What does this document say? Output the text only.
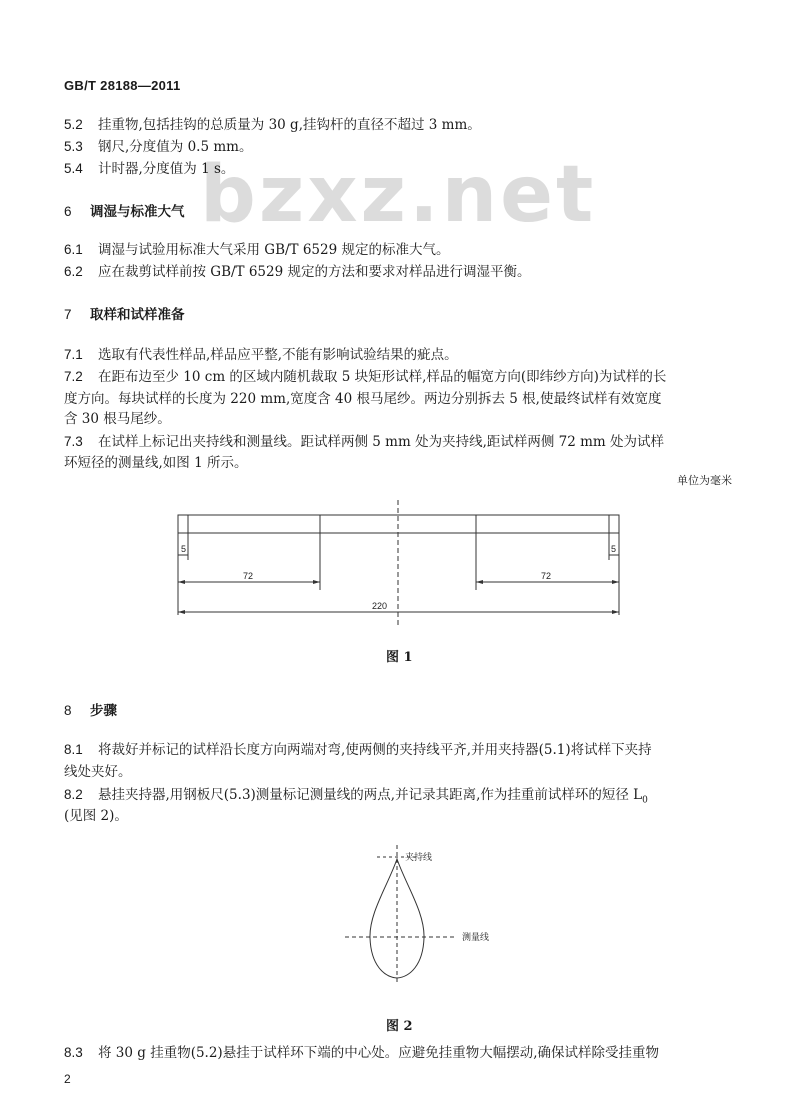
bzxz.net
GB/T 28188—2011
5.2 挂重物,包括挂钩的总质量为 30 g,挂钩杆的直径不超过 3 mm。
5.3 钢尺,分度值为 0.5 mm。
5.4 计时器,分度值为 1 s。
6 调湿与标准大气
6.1 调湿与试验用标准大气采用 GB/T 6529 规定的标准大气。
6.2 应在裁剪试样前按 GB/T 6529 规定的方法和要求对样品进行调湿平衡。
7 取样和试样准备
7.1 选取有代表性样品,样品应平整,不能有影响试验结果的疵点。
7.2 在距布边至少 10 cm 的区域内随机裁取 5 块矩形试样,样品的幅宽方向(即纬纱方向)为试样的长
度方向。每块试样的长度为 220 mm,宽度含 40 根马尾纱。两边分别拆去 5 根,使最终试样有效宽度
含 30 根马尾纱。
7.3 在试样上标记出夹持线和测量线。距试样两侧 5 mm 处为夹持线,距试样两侧 72 mm 处为试样
环短径的测量线,如图 1 所示。
单位为毫米
5	5
72	72
220
图 1
8 步骤
8.1 将裁好并标记的试样沿长度方向两端对弯,使两侧的夹持线平齐,并用夹持器(5.1)将试样下夹持
线处夹好。
8.2 悬挂夹持器,用钢板尺(5.3)测量标记测量线的两点,并记录其距离,作为挂重前试样环的短径 $L_0$
(见图 2)。
夹持线
测量线
图 2
8.3 将 30 g 挂重物(5.2)悬挂于试样环下端的中心处。应避免挂重物大幅摆动,确保试样除受挂重物
2
